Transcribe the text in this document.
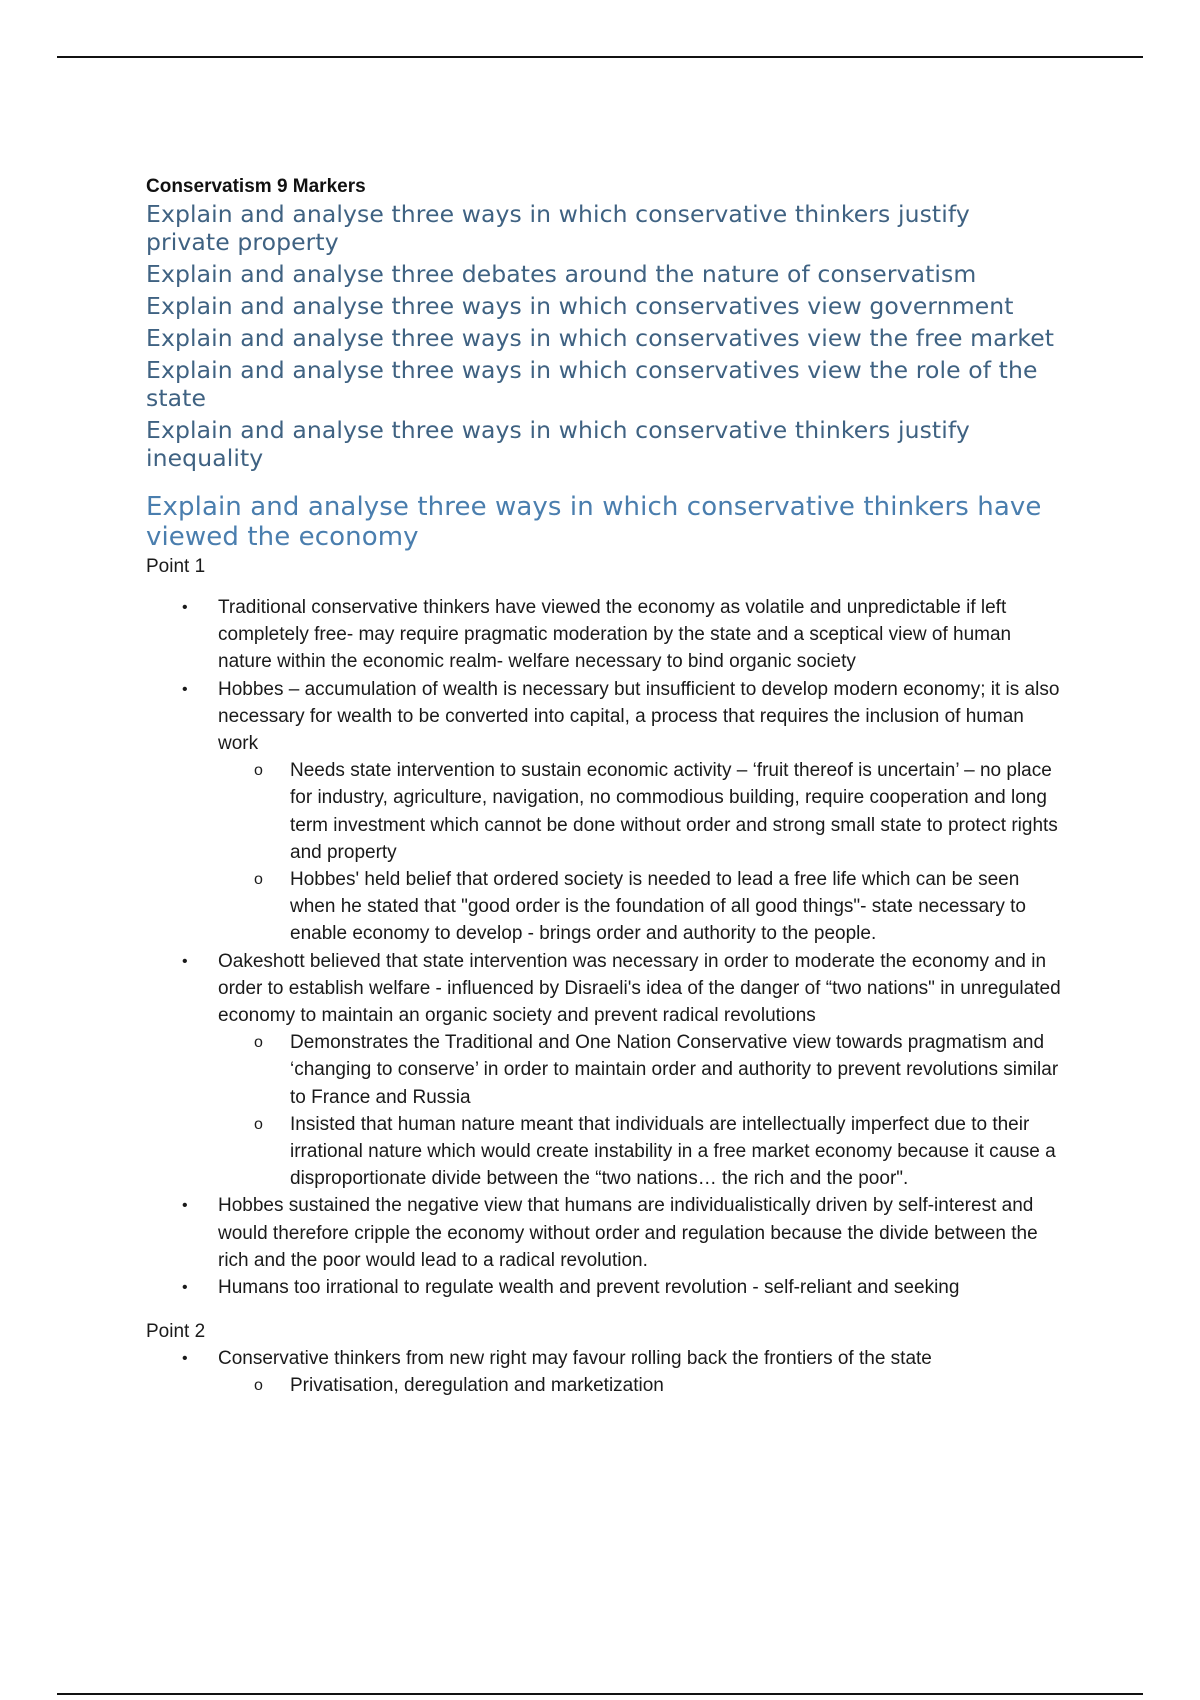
Conservatism 9 Markers

Explain and analyse three ways in which conservative thinkers justify private property

Explain and analyse three debates around the nature of conservatism

Explain and analyse three ways in which conservatives view government

Explain and analyse three ways in which conservatives view the free market

Explain and analyse three ways in which conservatives view the role of the state

Explain and analyse three ways in which conservative thinkers justify inequality

Explain and analyse three ways in which conservative thinkers have viewed the economy

Point 1

• Traditional conservative thinkers have viewed the economy as volatile and unpredictable if left completely free- may require pragmatic moderation by the state and a sceptical view of human nature within the economic realm- welfare necessary to bind organic society
• Hobbes – accumulation of wealth is necessary but insufficient to develop modern economy; it is also necessary for wealth to be converted into capital, a process that requires the inclusion of human work
o Needs state intervention to sustain economic activity – ‘fruit thereof is uncertain’ – no place for industry, agriculture, navigation, no commodious building, require cooperation and long term investment which cannot be done without order and strong small state to protect rights and property
o Hobbes' held belief that ordered society is needed to lead a free life which can be seen when he stated that "good order is the foundation of all good things"- state necessary to enable economy to develop - brings order and authority to the people.
• Oakeshott believed that state intervention was necessary in order to moderate the economy and in order to establish welfare - influenced by Disraeli's idea of the danger of “two nations" in unregulated economy to maintain an organic society and prevent radical revolutions
o Demonstrates the Traditional and One Nation Conservative view towards pragmatism and ‘changing to conserve’ in order to maintain order and authority to prevent revolutions similar to France and Russia
o Insisted that human nature meant that individuals are intellectually imperfect due to their irrational nature which would create instability in a free market economy because it cause a disproportionate divide between the “two nations… the rich and the poor".
• Hobbes sustained the negative view that humans are individualistically driven by self-interest and would therefore cripple the economy without order and regulation because the divide between the rich and the poor would lead to a radical revolution.
• Humans too irrational to regulate wealth and prevent revolution - self-reliant and seeking

Point 2

• Conservative thinkers from new right may favour rolling back the frontiers of the state
o Privatisation, deregulation and marketization
